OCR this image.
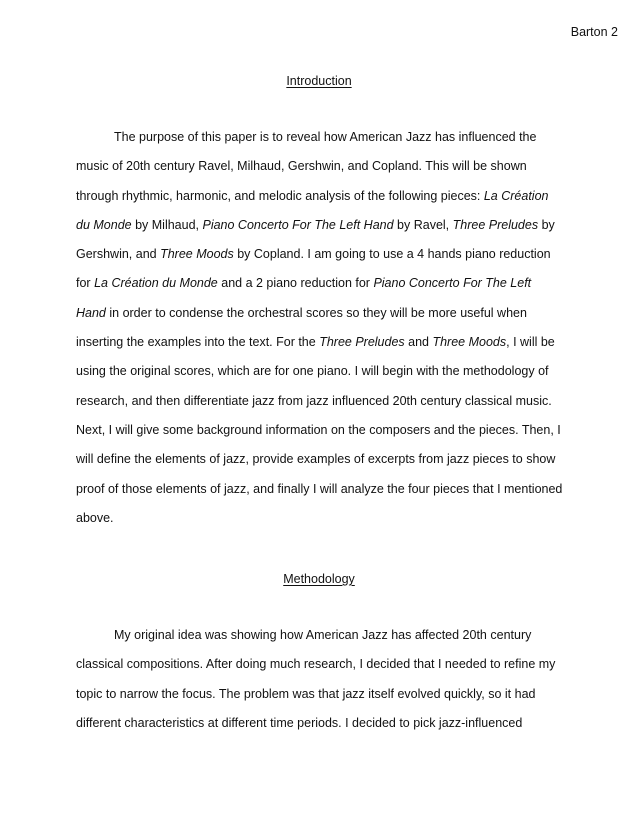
Barton 2
Introduction

The purpose of this paper is to reveal how American Jazz has influenced the
music of 20th century Ravel, Milhaud, Gershwin, and Copland. This will be shown
through rhythmic, harmonic, and melodic analysis of the following pieces: La Création
du Monde by Milhaud, Piano Concerto For The Left Hand by Ravel, Three Preludes by
Gershwin, and Three Moods by Copland. I am going to use a 4 hands piano reduction
for La Création du Monde and a 2 piano reduction for Piano Concerto For The Left
Hand in order to condense the orchestral scores so they will be more useful when
inserting the examples into the text. For the Three Preludes and Three Moods, I will be
using the original scores, which are for one piano. I will begin with the methodology of
research, and then differentiate jazz from jazz influenced 20th century classical music.
Next, I will give some background information on the composers and the pieces. Then, I
will define the elements of jazz, provide examples of excerpts from jazz pieces to show
proof of those elements of jazz, and finally I will analyze the four pieces that I mentioned
above.

Methodology

My original idea was showing how American Jazz has affected 20th century
classical compositions. After doing much research, I decided that I needed to refine my
topic to narrow the focus. The problem was that jazz itself evolved quickly, so it had
different characteristics at different time periods. I decided to pick jazz-influenced
